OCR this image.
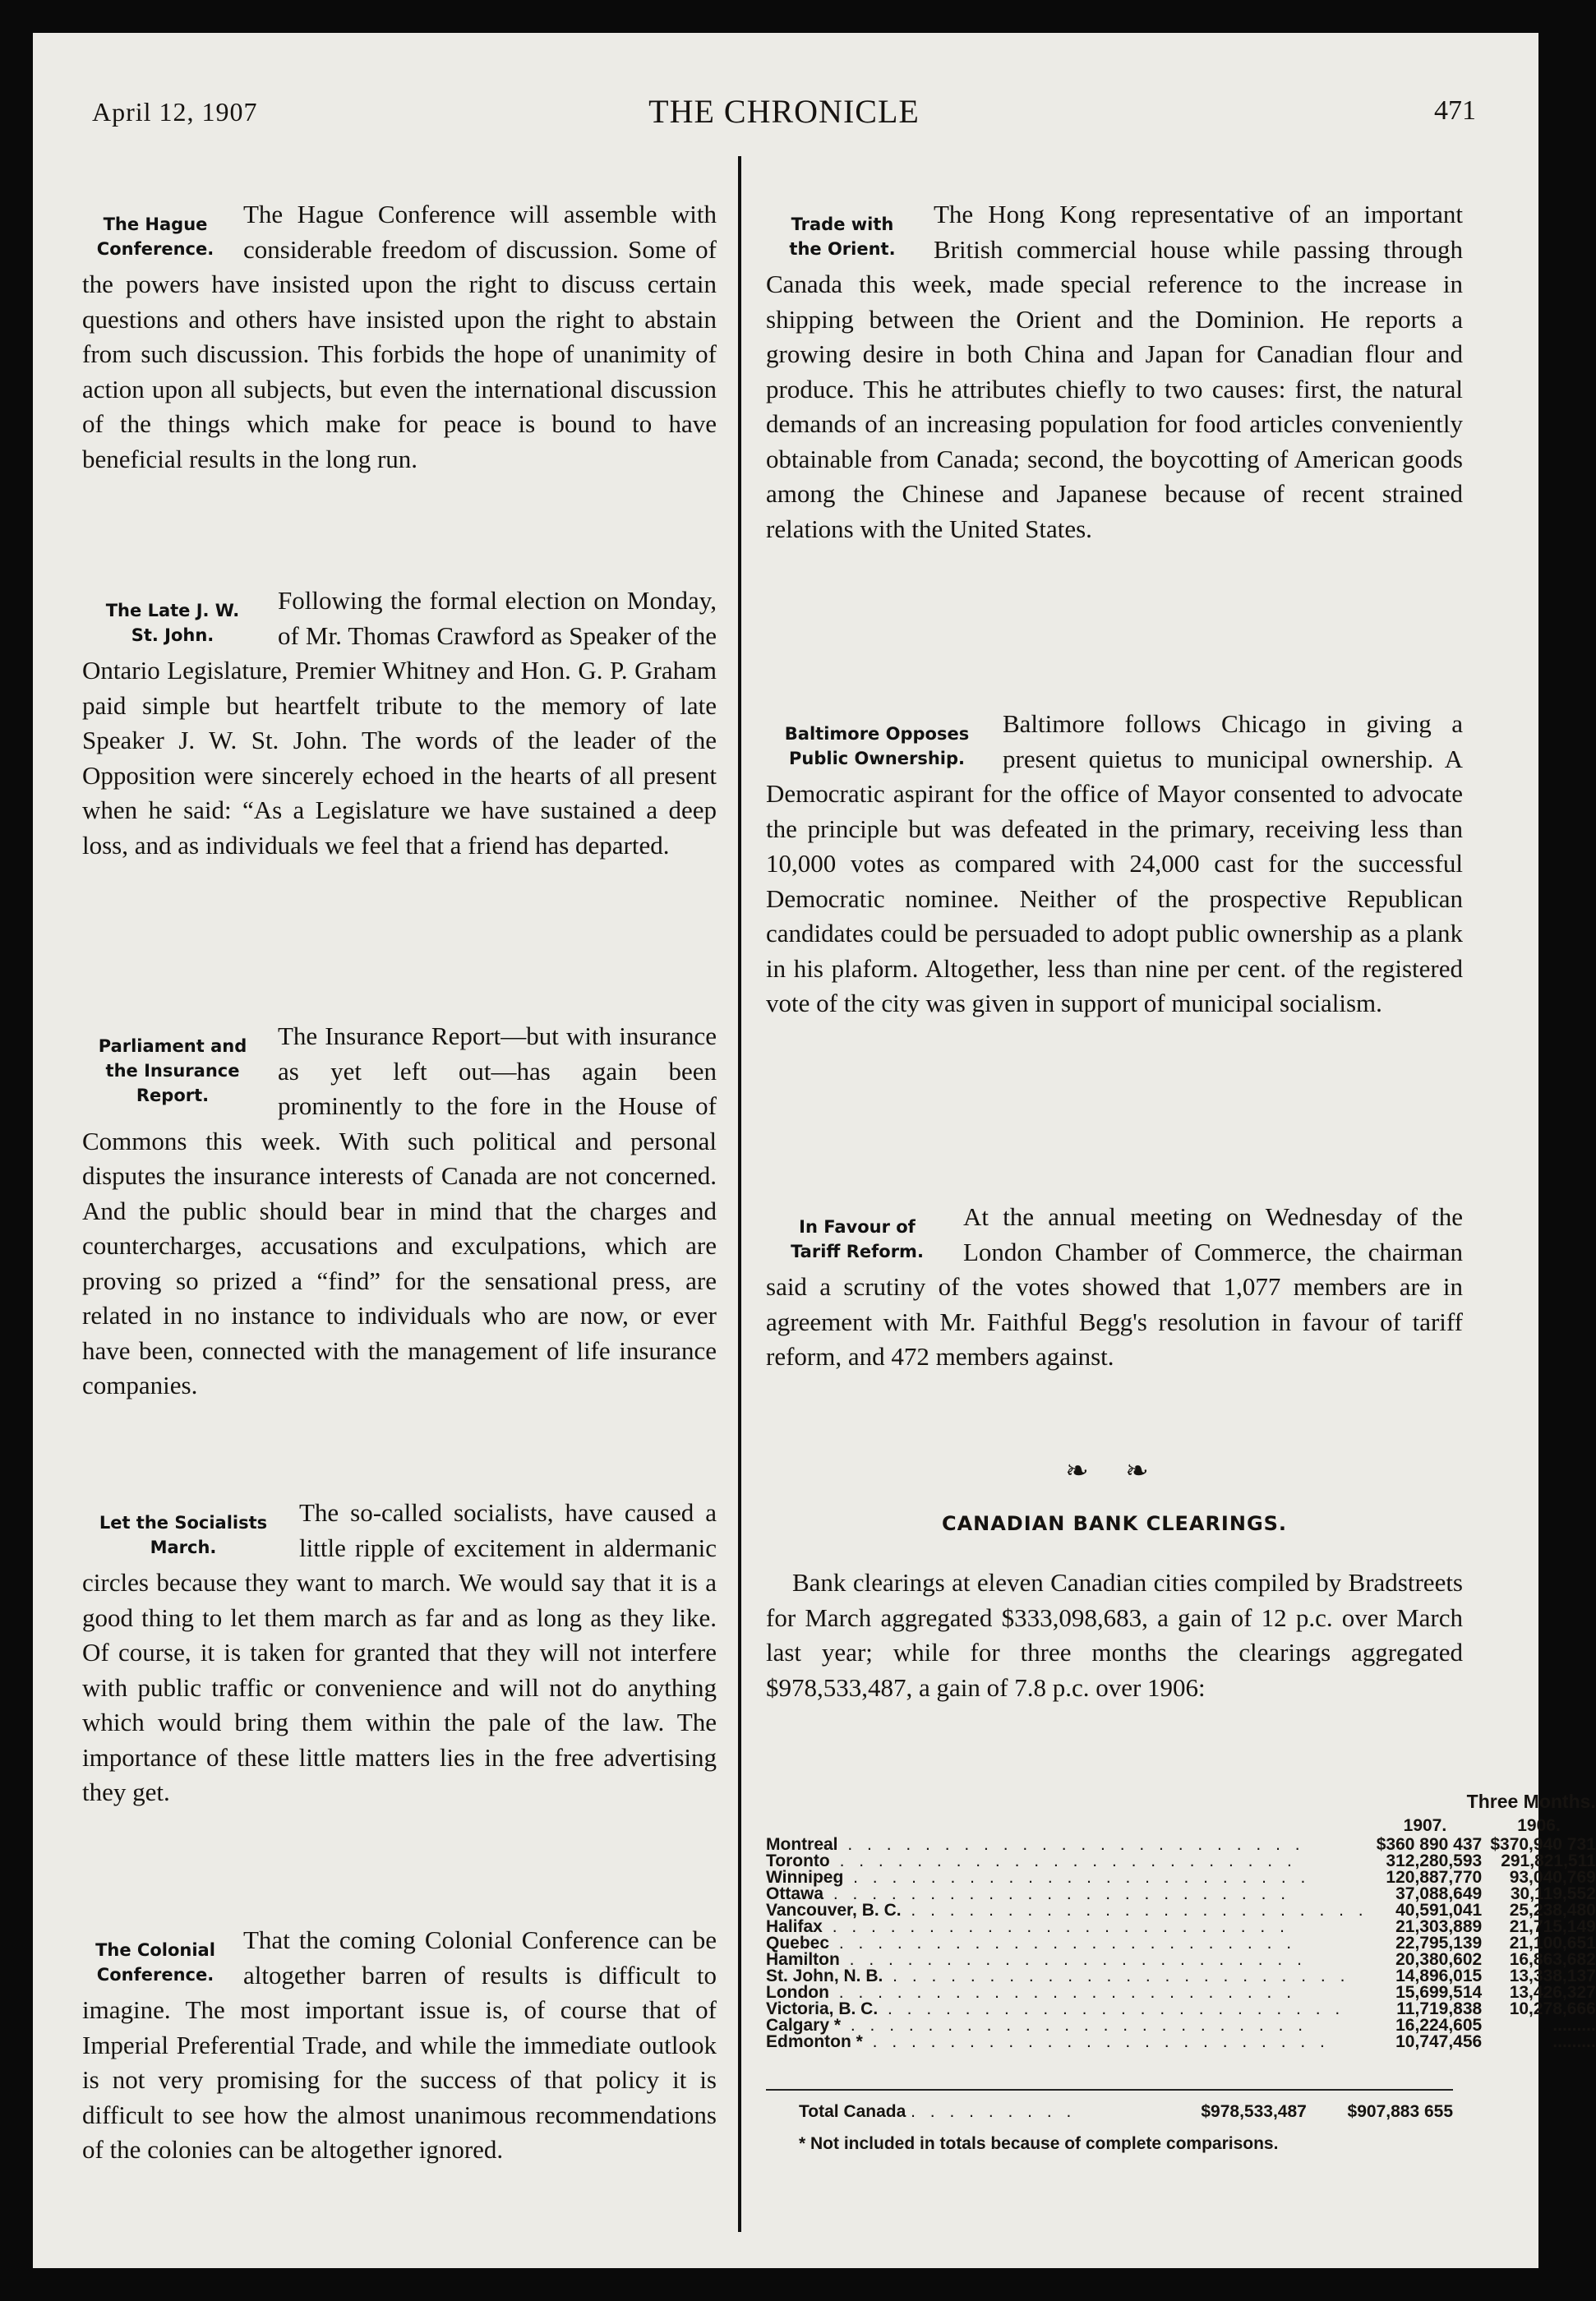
April 12, 1907	THE CHRONICLE	471

The Hague
Conference.
The Hague Conference will assemble with considerable freedom of discussion. Some of the powers have insisted upon the right to discuss certain questions and others have insisted upon the right to abstain from such discussion. This forbids the hope of unanimity of action upon all subjects, but even the international discussion of the things which make for peace is bound to have beneficial results in the long run.

The Late J. W.
St. John.
Following the formal election on Monday, of Mr. Thomas Crawford as Speaker of the Ontario Legislature, Premier Whitney and Hon. G. P. Graham paid simple but heartfelt tribute to the memory of late Speaker J. W. St. John. The words of the leader of the Opposition were sincerely echoed in the hearts of all present when he said: “As a Legislature we have sustained a deep loss, and as individuals we feel that a friend has departed.

Parliament and
the Insurance
Report.
The Insurance Report—but with insurance as yet left out—has again been prominently to the fore in the House of Commons this week. With such political and personal disputes the insurance interests of Canada are not concerned. And the public should bear in mind that the charges and countercharges, accusations and exculpations, which are proving so prized a “find” for the sensational press, are related in no instance to individuals who are now, or ever have been, connected with the management of life insurance companies.

Let the Socialists
March.
The so-called socialists, have caused a little ripple of excitement in aldermanic circles because they want to march. We would say that it is a good thing to let them march as far and as long as they like. Of course, it is taken for granted that they will not interfere with public traffic or convenience and will not do anything which would bring them within the pale of the law. The importance of these little matters lies in the free advertising they get.

The Colonial
Conference.
That the coming Colonial Conference can be altogether barren of results is difficult to imagine. The most important issue is, of course that of Imperial Preferential Trade, and while the immediate outlook is not very promising for the success of that policy it is difficult to see how the almost unanimous recommendations of the colonies can be altogether ignored.

Trade with
the Orient.
The Hong Kong representative of an important British commercial house while passing through Canada this week, made special reference to the increase in shipping between the Orient and the Dominion. He reports a growing desire in both China and Japan for Canadian flour and produce. This he attributes chiefly to two causes: first, the natural demands of an increasing population for food articles conveniently obtainable from Canada; second, the boycotting of American goods among the Chinese and Japanese because of recent strained relations with the United States.

Baltimore Opposes
Public Ownership.
Baltimore follows Chicago in giving a present quietus to municipal ownership. A Democratic aspirant for the office of Mayor consented to advocate the principle but was defeated in the primary, receiving less than 10,000 votes as compared with 24,000 cast for the successful Democratic nominee. Neither of the prospective Republican candidates could be persuaded to adopt public ownership as a plank in his plaform. Altogether, less than nine per cent. of the registered vote of the city was given in support of municipal socialism.

In Favour of
Tariff Reform.
At the annual meeting on Wednesday of the London Chamber of Commerce, the chairman said a scrutiny of the votes showed that 1,077 members are in agreement with Mr. Faithful Begg's resolution in favour of tariff reform, and 472 members against.

❧ ❧
CANADIAN BANK CLEARINGS.

Bank clearings at eleven Canadian cities compiled by Bradstreets for March aggregated $333,098,683, a gain of 12 p.c. over March last year; while for three months the clearings aggregated $978,533,487, a gain of 7.8 p.c. over 1906:

	Three Months.	
	1907.	1906.
Montreal . . . . . . . . . . . . . . . . . . . . . . . .	$360 890 437	$370,940 731
Toronto . . . . . . . . . . . . . . . . . . . . . . . .	312,280,593	291,821,511
Winnipeg . . . . . . . . . . . . . . . . . . . . . . . .	120,887,770	93,040,769
Ottawa . . . . . . . . . . . . . . . . . . . . . . . .	37,088,649	30,119,552
Vancouver, B. C. . . . . . . . . . . . . . . . . . . . . . . . .	40,591,041	25,238,480
Halifax . . . . . . . . . . . . . . . . . . . . . . . .	21,303,889	21,715,149
Quebec . . . . . . . . . . . . . . . . . . . . . . . .	22,795,139	21,100,651
Hamilton . . . . . . . . . . . . . . . . . . . . . . . .	20,380,602	16,863,682
St. John, N. B. . . . . . . . . . . . . . . . . . . . . . . . .	14,896,015	13,338,137
London . . . . . . . . . . . . . . . . . . . . . . . .	15,699,514	13,426,327
Victoria, B. C. . . . . . . . . . . . . . . . . . . . . . . . .	11,719,838	10,278,666
Calgary * . . . . . . . . . . . . . . . . . . . . . . . .	16,224,605	.........
Edmonton * . . . . . . . . . . . . . . . . . . . . . . . .	10,747,456	.........
Total Canada . . . . . . . . .	$978,533,487	$907,883 655
* Not included in totals because of complete comparisons.
